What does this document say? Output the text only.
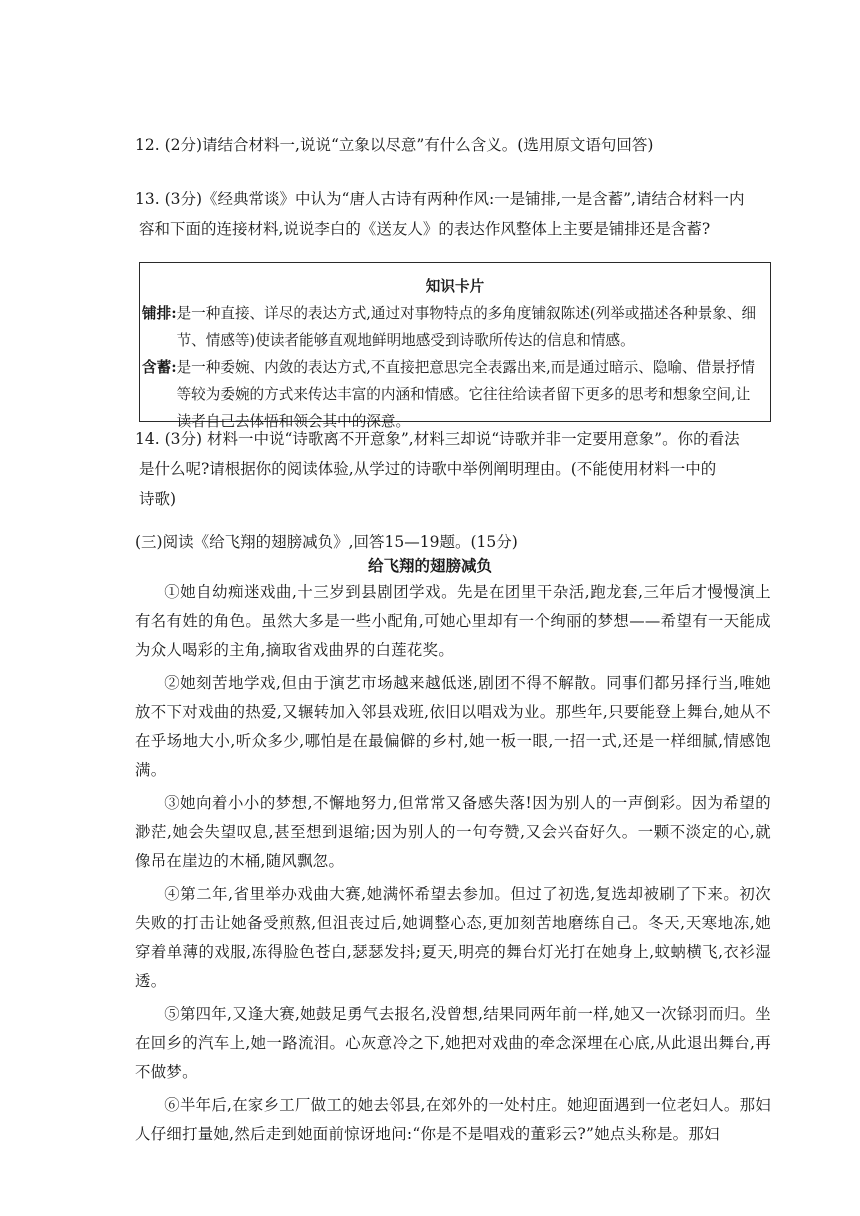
12. (2分)请结合材料一,说说“立象以尽意”有什么含义。(选用原文语句回答)
13. (3分)《经典常谈》中认为“唐人古诗有两种作风:一是铺排,一是含蓄”,请结合材料一内
容和下面的连接材料,说说李白的《送友人》的表达作风整体上主要是铺排还是含蓄?
知识卡片
铺排: 是一种直接、详尽的表达方式,通过对事物特点的多角度铺叙陈述(列举或描述各种景象、细节、情感等)使读者能够直观地鲜明地感受到诗歌所传达的信息和情感。
含蓄: 是一种委婉、内敛的表达方式,不直接把意思完全表露出来,而是通过暗示、隐喻、借景抒情等较为委婉的方式来传达丰富的内涵和情感。它往往给读者留下更多的思考和想象空间,让读者自己去体悟和领会其中的深意。
14. (3分) 材料一中说“诗歌离不开意象”,材料三却说“诗歌并非一定要用意象”。你的看法
是什么呢?请根据你的阅读体验,从学过的诗歌中举例阐明理由。(不能使用材料一中的
诗歌)
(三)阅读《给飞翔的翅膀减负》,回答15—19题。(15分)
给飞翔的翅膀减负

①她自幼痴迷戏曲,十三岁到县剧团学戏。先是在团里干杂活,跑龙套,三年后才慢慢演上有名有姓的角色。虽然大多是一些小配角,可她心里却有一个绚丽的梦想——希望有一天能成为众人喝彩的主角,摘取省戏曲界的白莲花奖。

②她刻苦地学戏,但由于演艺市场越来越低迷,剧团不得不解散。同事们都另择行当,唯她放不下对戏曲的热爱,又辗转加入邻县戏班,依旧以唱戏为业。那些年,只要能登上舞台,她从不在乎场地大小,听众多少,哪怕是在最偏僻的乡村,她一板一眼,一招一式,还是一样细腻,情感饱满。

③她向着小小的梦想,不懈地努力,但常常又备感失落!因为别人的一声倒彩。因为希望的渺茫,她会失望叹息,甚至想到退缩;因为别人的一句夸赞,又会兴奋好久。一颗不淡定的心,就像吊在崖边的木桶,随风飘忽。

④第二年,省里举办戏曲大赛,她满怀希望去参加。但过了初选,复选却被刷了下来。初次失败的打击让她备受煎熬,但沮丧过后,她调整心态,更加刻苦地磨练自己。冬天,天寒地冻,她穿着单薄的戏服,冻得脸色苍白,瑟瑟发抖;夏天,明亮的舞台灯光打在她身上,蚊蚋横飞,衣衫湿透。

⑤第四年,又逢大赛,她鼓足勇气去报名,没曾想,结果同两年前一样,她又一次铩羽而归。坐在回乡的汽车上,她一路流泪。心灰意冷之下,她把对戏曲的牵念深埋在心底,从此退出舞台,再不做梦。

⑥半年后,在家乡工厂做工的她去邻县,在郊外的一处村庄。她迎面遇到一位老妇人。那妇人仔细打量她,然后走到她面前惊讶地问:“你是不是唱戏的董彩云?”她点头称是。那妇
